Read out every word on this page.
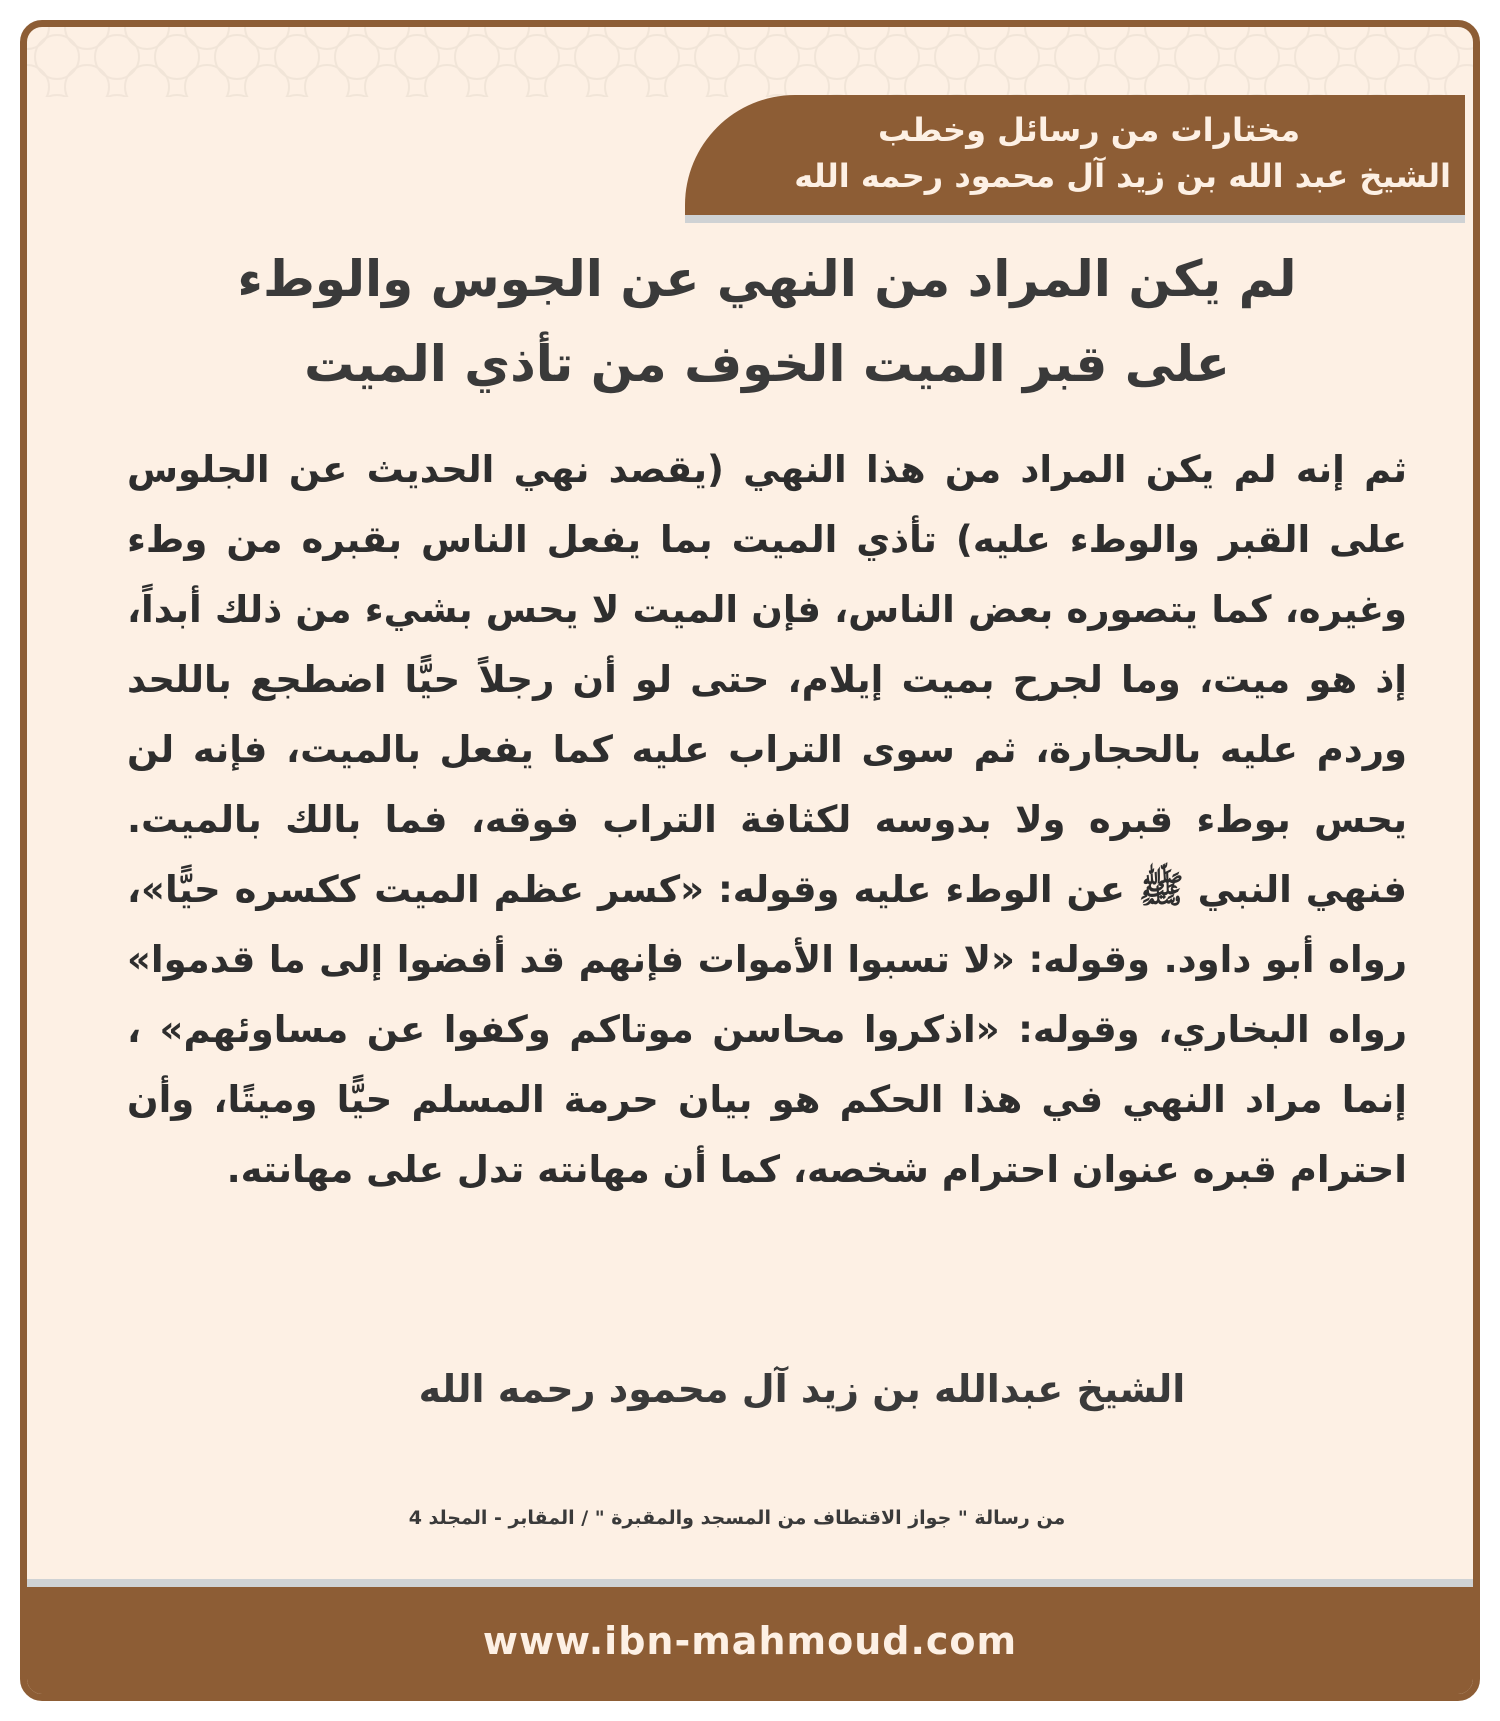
مختارات من رسائل وخطب
الشيخ عبد الله بن زيد آل محمود رحمه الله
لم يكن المراد من النهي عن الجوس والوطء
على قبر الميت الخوف من تأذي الميت
ثم إنه لم يكن المراد من هذا النهي (يقصد نهي الحديث عن الجلوس على القبر والوطء عليه) تأذي الميت بما يفعل الناس بقبره من وطء وغيره، كما يتصوره بعض الناس، فإن الميت لا يحس بشيء من ذلك أبداً، إذ هو ميت، وما لجرح بميت إيلام، حتى لو أن رجلاً حيًّا اضطجع باللحد وردم عليه بالحجارة، ثم سوى التراب عليه كما يفعل بالميت، فإنه لن يحس بوطء قبره ولا بدوسه لكثافة التراب فوقه، فما بالك بالميت. فنهي النبي ﷺ عن الوطء عليه وقوله: «كسر عظم الميت ككسره حيًّا»، رواه أبو داود. وقوله: «لا تسبوا الأموات فإنهم قد أفضوا إلى ما قدموا» رواه البخاري، وقوله: «اذكروا محاسن موتاكم وكفوا عن مساوئهم» ، إنما مراد النهي في هذا الحكم هو بيان حرمة المسلم حيًّا وميتًا، وأن احترام قبره عنوان احترام شخصه، كما أن مهانته تدل على مهانته.
الشيخ عبدالله بن زيد آل محمود رحمه الله
من رسالة " جواز الاقتطاف من المسجد والمقبرة " / المقابر - المجلد 4
www.ibn-mahmoud.com
